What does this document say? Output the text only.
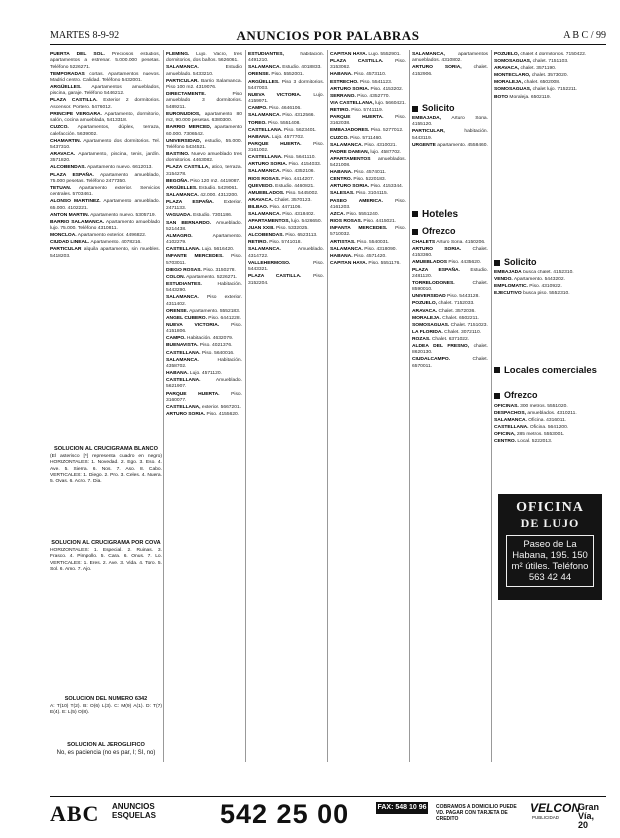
MARTES 8-9-92	ANUNCIOS POR PALABRAS	A B C / 99

PUERTA DEL SOL. Preciosos estudios, apartamentos a estrenar. 5.000.000 pesetas. Teléfono 5226271.

TEMPORADAS cortas. Apartamentos nuevos. Madrid centro. Calidad. Teléfono 5432001.

ARGÜELLES. Apartamentos amueblados, piscina, garaje. Teléfono 5446212.

PLAZA CASTILLA. Exterior 2 dormitorios. Ascensor. Portero. 5476012.

PRINCIPE VERGARA. Apartamento, dormitorio, salón, cocina amueblada, 5413318.

CUZCO. Apartamentos, dúplex, terraza, calefacción. 5639002.

CHAMARTIN. Apartamento dos dormitorios. Tel. 5437310.

ARAVACA. Apartamento, piscina, tenis, jardín. 3571820.

ALCOBENDAS. Apartamento nuevo. 6612013.

PLAZA ESPAÑA. Apartamento amueblado, 75.000 pesetas. Teléfono 2477350.

TETUAN. Apartamento exterior. Servicios centrales. 5703461.

ALONSO MARTINEZ. Apartamento amueblado. 65.000. 4102221.

ANTON MARTIN. Apartamento nuevo. 5305719.

BARRIO SALAMANCA. Apartamento amueblado lujo. 75.000. Teléfono 4310811.

MONCLOA. Apartamento exterior. 4496822.

CIUDAD LINEAL. Apartamento. 4078216.

PARTICULAR alquila apartamento, sin muebles. 5418203.

FLEMING. Lujo. Vacío, tres dormitorios, dos baños. 5626061.

SALAMANCA. Estudio amueblado. 5433210.

PARTICULAR. Barrio Salamanca. Piso 100 m2. 4319076.

DIRECTAMENTE. Piso amueblado 3 dormitorios. 5489211.

EURONUDIOS, apartamento 80 m2, 90.000 pesetas. 6380300.

BARRIO MERCED, apartamento 60.000. 7306542.

UNIVERSIDAD, estudio, 55.000. Teléfono 5434521.

BASTINO. Nuevo amueblado tres dormitorios. 4463082.

PLAZA CASTILLA, atico, terraza. 3154278.

BEGOÑA. Piso 120 m2. 4419087.

ARGÜELLES. Estudio. 5429061.

SALAMANCA. 42.000. 4312200.

PLAZA ESPAÑA. Exterior. 2471133.

VAGUADA. Estudio. 7301186.

SAN BERNARDO. Amueblado. 5214438.

ALMAGRO. Apartamento. 4102279.

CASTELLANA. Lujo. 5616420.

INFANTE MERCEDES. Piso. 5703011.

DIEGO ROSAS. Piso. 3150278.

COLON. Apartamento. 5226271.

ESTUDIANTES. Habitación. 5443290.

SALAMANCA. Piso exterior. 4311402.

ORENSE. Apartamento. 5552183.

ANGEL CUBERO. Piso. 6441228.

NUEVA VICTORIA. Piso. 4151806.

CAMPO. Habitación. 4632079.

BUENAVISTA. Piso. 4021376.

CASTELLANA. Piso. 5640016.

SALAMANCA. Habitación. 4358702.

HABANA. Lujo. 4571120.

CASTELLANA. Amueblado. 5621907.

PARQUE HUERTA. Piso. 3160077.

CASTELLANA, exterior. 5667201.

ARTURO SORIA. Piso. 4155620.

ESTUDIANTES, habitación. 4491210.

SALAMANCA. Estudio. 4018833.

ORENSE. Piso. 5552001.

ARGÜELLES. Piso 3 dormitorios. 5447003.

NUEVA VICTORIA. Lujo. 4159971.

CAMPO. Piso. 4646106.

SALAMANCA. Piso. 4312566.

TOREO. Piso. 5551408.

CASTELLANA. Piso. 5623401.

HABANA. Lujo. 4577702.

PARQUE HUERTA. Piso. 3161002.

CASTELLANA. Piso. 5641110.

ARTURO SORIA. Piso. 4154033.

SALAMANCA. Piso. 4352106.

RIOS ROSAS. Piso. 4414207.

QUEVEDO. Estudio. 4460821.

AMUEBLADOS. Piso. 5445002.

ARAVACA. Chalet. 3570123.

BILBAO. Piso. 4471106.

SALAMANCA. Piso. 4318402.

APARTAMENTOS, lujo. 5426650.

JUAN XXIII. Piso. 5332025.

ALCOBENDAS. Piso. 6523113.

RETIRO. Piso. 5741018.

SALAMANCA. Amueblado. 4314722.

VALLEHERMOSO. Piso. 5443321.

PLAZA CASTILLA. Piso. 3152204.

CAPITAN HAYA. Lujo. 5552901.

PLAZA CASTILLA. Piso. 3153062.

HABANA. Piso. 4573110.

ESTRECHO. Piso. 5541123.

ARTURO SORIA. Piso. 4153202.

SERRANO. Piso. 4352770.

VIA CASTELLANA, lujo. 5660421.

RETIRO. Piso. 5741119.

PARQUE HUERTA. Piso. 3162038.

EMBAJADORES. Piso. 5277012.

CUZCO. Piso. 5711460.

SALAMANCA. Piso. 4310021.

PADRE DAMIAN, lujo. 4587702.

APARTAMENTOS amueblados. 5421008.

HABANA. Piso. 4574011.

CENTRO. Piso. 5220183.

ARTURO SORIA. Piso. 4153344.

SALESAS. Piso. 3104115.

PASEO AMERICA. Piso. 4161203.

AZCA. Piso. 5551240.

RIOS ROSAS. Piso. 4415021.

INFANTA MERCEDES. Piso. 5710032.

ARTISTAS. Piso. 5540031.

SALAMANCA. Piso. 4318090.

HABANA. Piso. 4571420.

CAPITAN HAYA. Piso. 5551176.

SALAMANCA, apartamentos amueblados. 4310802.

ARTURO SORIA, chalet. 4152906.

Solicito

EMBAJADA, Arturo Soria. 4155120.

PARTICULAR, habitación. 5443119.

URGENTE apartamento. 4558460.

Hoteles
Ofrezco

CHALETS Arturo Soria. 4150206.

ARTURO SORIA. Chalet. 4153360.

AMUEBLADOS Piso. 4435620.

PLAZA ESPAÑA. Estudio. 2481120.

TORRELODONES. Chalet. 8590010.

UNIVERSIDAD Piso. 5443128.

POZUELO, chalet. 7152033.

ARAVACA. Chalet. 3572036.

MORALEJA. Chalet. 6502211.

SOMOSAGUAS. Chalet. 7151023.

LA FLORIDA. Chalet. 3072110.

ROZAS. Chalet. 6371022.

ALDEA DEL FRESNO, chalet. 8620130.

CIUDALCAMPO. Chalet. 6570011.

POZUELO, chalet 4 dormitorios. 7150422.

SOMOSAGUAS, chalet. 7151103.

ARAVACA, chalet. 3571190.

MONTECLARO, chalet. 3573020.

MORALEJA, chalet. 6502008.

SOMOSAGUAS, chalet lujo. 7152211.

BOTO Moraleja. 6502119.

Solicito

EMBAJADA busca chalet. 4152310.

VENDO. Apartamento. 5443202.

EMPLOMATIC. Piso. 4310922.

EJECUTIVO busca piso. 5552310.

Locales comerciales
Ofrezco

OFICINAS. 300 metros. 5551020.

DESPACHOS, amueblados. 4310211.

SALAMANCA. Oficina. 4316011.

CASTELLANA. Oficina. 5641200.

OFICINA, 285 metros. 5553001.

CENTRO. Local. 5222013.

OFICINA
DE LUJO
Paseo de La Habana, 195. 150 m² útiles. Teléfono 563 42 44
SOLUCION AL CRUCIGRAMA BLANCO

(El asterisco [*] representa cuadro en negro) HORIZONTALES: 1. Novedad. 2. Ego. 3. Eso. 4. Ave. 5. Sierra. 6. Nos. 7. Aso. 8. Cabo. VERTICALES: 1. Diego. 2. Pro. 3. Celes. 4. Nuera. 5. Ovas. 6. Acro. 7. Dia.

SOLUCION AL CRUCIGRAMA POR COVA

HORIZONTALES: 1. Especial. 2. Ruinas. 3. Frasco. 4. Pimpollo. 5. Cara. 6. Onus. 7. Lo. VERTICALES: 1. Eres. 2. Ave. 3. Vida. 4. Toro. 5. Sol. 6. Amo. 7. Ajo.

SOLUCION DEL NUMERO 6342

A: T(10) T(2). B: O(6) L(3). C: M(9) A(1). D: T(7) E(4). E: L(5) O(8).

SOLUCION AL JEROGLIFICO

No, es paciencia (no es par, I; SI, no)

ABC ANUNCIOS ESQUELAS	542 25 00	FAX: 548 10 96 COBRAMOS A DOMICILIO PUEDE VD. PAGAR CON TARJETA DE CREDITO
VELCON
PUBLICIDAD
Gran Vía, 20
